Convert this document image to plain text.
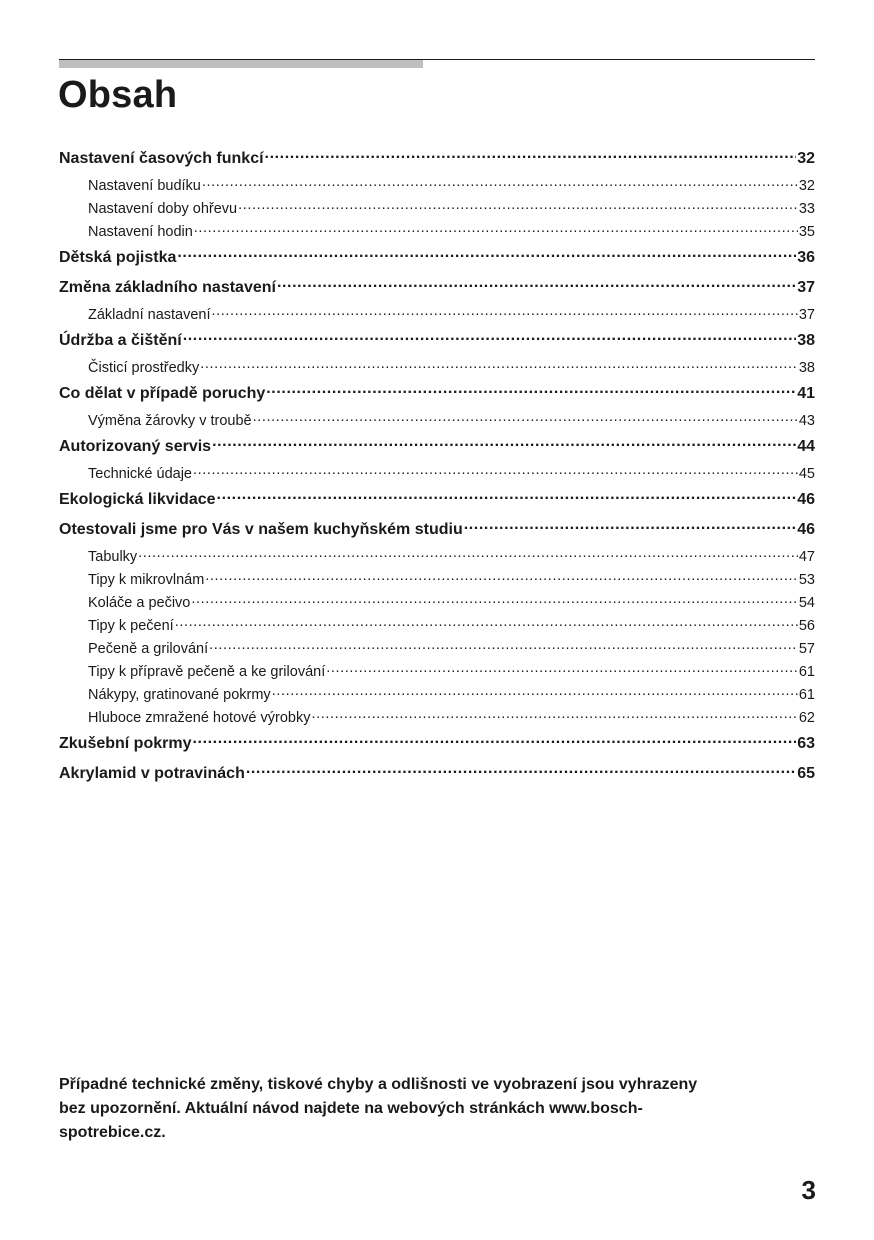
Obsah
Nastavení časových funkcí .....	32
Nastavení budíku .....	32
Nastavení doby ohřevu .....	33
Nastavení hodin .....	35
Dětská pojistka .....	36
Změna základního nastavení .....	37
Základní nastavení .....	37
Údržba a čištění .....	38
Čisticí prostředky .....	38
Co dělat v případě poruchy .....	41
Výměna žárovky v troubě .....	43
Autorizovaný servis .....	44
Technické údaje .....	45
Ekologická likvidace .....	46
Otestovali jsme pro Vás v našem kuchyňském studiu .....	46
Tabulky .....	47
Tipy k mikrovlnám .....	53
Koláče a pečivo .....	54
Tipy k pečení .....	56
Pečeně a grilování .....	57
Tipy k přípravě pečeně a ke grilování .....	61
Nákypy, gratinované pokrmy .....	61
Hluboce zmražené hotové výrobky .....	62
Zkušební pokrmy .....	63
Akrylamid v potravinách .....	65
Případné technické změny, tiskové chyby a odlišnosti ve vyobrazení jsou vyhrazeny
bez upozornění. Aktuální návod najdete na webových stránkách www.bosch-
spotrebice.cz.
3
